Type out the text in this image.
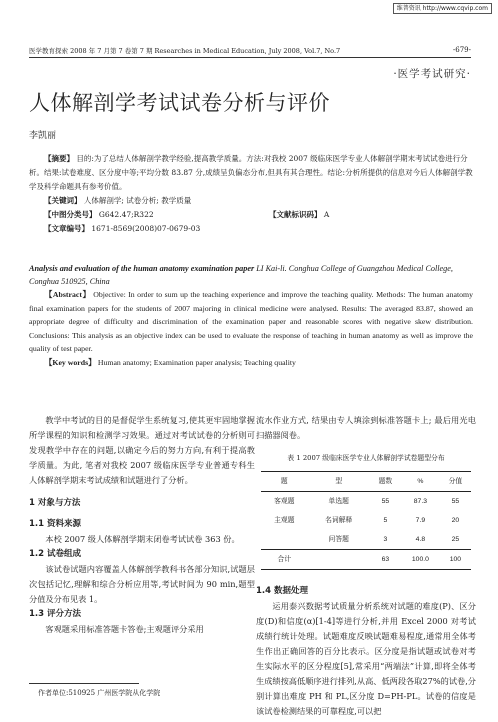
维普资讯 http://www.cqvip.com
医学教育探索 2008 年 7 月第 7 卷第 7 期 Researches in Medical Education, July 2008, Vol.7, No.7	-679-
·医学考试研究·
人体解剖学考试试卷分析与评价
李凯丽
【摘要】 目的:为了总结人体解剖学教学经验,提高教学质量。方法:对我校 2007 级临床医学专业人体解剖学期末考试试卷进行分析。结果:试卷难度、区分度中等;平均分数 83.87 分,成绩呈负偏态分布,但具有其合理性。结论:分析所提供的信息对今后人体解剖学教学及科学命题具有参考价值。
【关键词】 人体解剖学; 试卷分析; 教学质量
【中图分类号】 G642.47;R322	【文献标识码】 A
【文章编号】 1671-8569(2008)07-0679-03
Analysis and evaluation of the human anatomy examination paper LI Kai-li. Conghua College of Guangzhou Medical College, Conghua 510925, China
【Abstract】 Objective: In order to sum up the teaching experience and improve the teaching quality. Methods: The human anatomy final examination papers for the students of 2007 majoring in clinical medicine were analysed. Results: The averaged 83.87, showed an appropriate degree of difficulty and discrimination of the examination paper and reasonable scores with negative skew distribution. Conclusions: This analysis as an objective index can be used to evaluate the response of teaching in human anatomy as well as improve the quality of test paper.
【Key words】 Human anatomy; Examination paper analysis; Teaching quality
教学中考试的目的是督促学生系统复习,使其更牢固地掌握所学课程的知识和检测学习效果。通过对考试试卷的分析则可发现教学中存在的问题,以确定今后的努力方向,有利于提高教学质量。为此, 笔者对我校 2007 级临床医学专业普通专科生人体解剖学期末考试成绩和试题进行了分析。
1 对象与方法
1.1 资料来源
本校 2007 级人体解剖学期末闭卷考试试卷 363 份。
1.2 试卷组成
该试卷试题内容覆盖人体解剖学教科书各部分知识,试题层次包括记忆,理解和综合分析应用等,考试时间为 90 min,题型分值及分布见表 1。
1.3 评分方法
客观题采用标准答题卡答卷;主观题评分采用
流水作业方式, 结果由专人填涂到标准答题卡上; 最后用光电扫描器阅卷。
表 1 2007 级临床医学专业人体解剖学试卷题型分布
题	型	题数	%	分值
客观题	单选题	55	87.3	55
主观题	名词解释	5	7.9	20
	问答题	3	4.8	25
合计		63	100.0	100
1.4 数据处理
运用泰兴数据考试质量分析系统对试题的难度(P)、区分度(D)和信度(α)[1-4]等进行分析,并用 Excel 2000 对考试成绩行统计处理。试题难度反映试题难易程度,通常用全体考生作出正确回答的百分比表示。区分度是指试题或试卷对考生实际水平的区分程度[5],常采用“两端法”计算,即将全体考生成绩按高低顺序进行排列,从高、低两段各取27%的试卷,分别计算出难度 PH 和 PL,区分度 D=PH-PL。试卷的信度是该试卷检测结果的可靠程度,可以把
作者单位:510925 广州医学院从化学院
